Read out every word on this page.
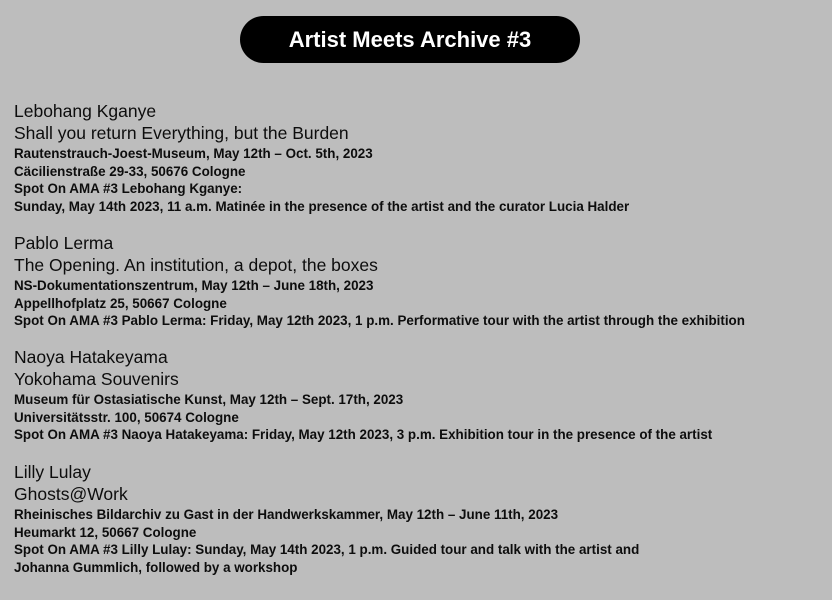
Artist Meets Archive #3
Lebohang Kganye
Shall you return Everything, but the Burden
Rautenstrauch-Joest-Museum, May 12th – Oct. 5th, 2023
Cäcilienstraße 29-33, 50676 Cologne
Spot On AMA #3 Lebohang Kganye:
Sunday, May 14th 2023, 11 a.m. Matinée in the presence of the artist and the curator Lucia Halder
Pablo Lerma
The Opening. An institution, a depot, the boxes
NS-Dokumentationszentrum, May 12th – June 18th, 2023
Appellhofplatz 25, 50667 Cologne
Spot On AMA #3 Pablo Lerma: Friday, May 12th 2023, 1 p.m. Performative tour with the artist through the exhibition
Naoya Hatakeyama
Yokohama Souvenirs
Museum für Ostasiatische Kunst, May 12th – Sept. 17th, 2023
Universitätsstr. 100, 50674 Cologne
Spot On AMA #3 Naoya Hatakeyama: Friday, May 12th 2023, 3 p.m. Exhibition tour in the presence of the artist
Lilly Lulay
Ghosts@Work
Rheinisches Bildarchiv zu Gast in der Handwerkskammer, May 12th – June 11th, 2023
Heumarkt 12, 50667 Cologne
Spot On AMA #3 Lilly Lulay: Sunday, May 14th 2023, 1 p.m. Guided tour and talk with the artist and
Johanna Gummlich, followed by a workshop
